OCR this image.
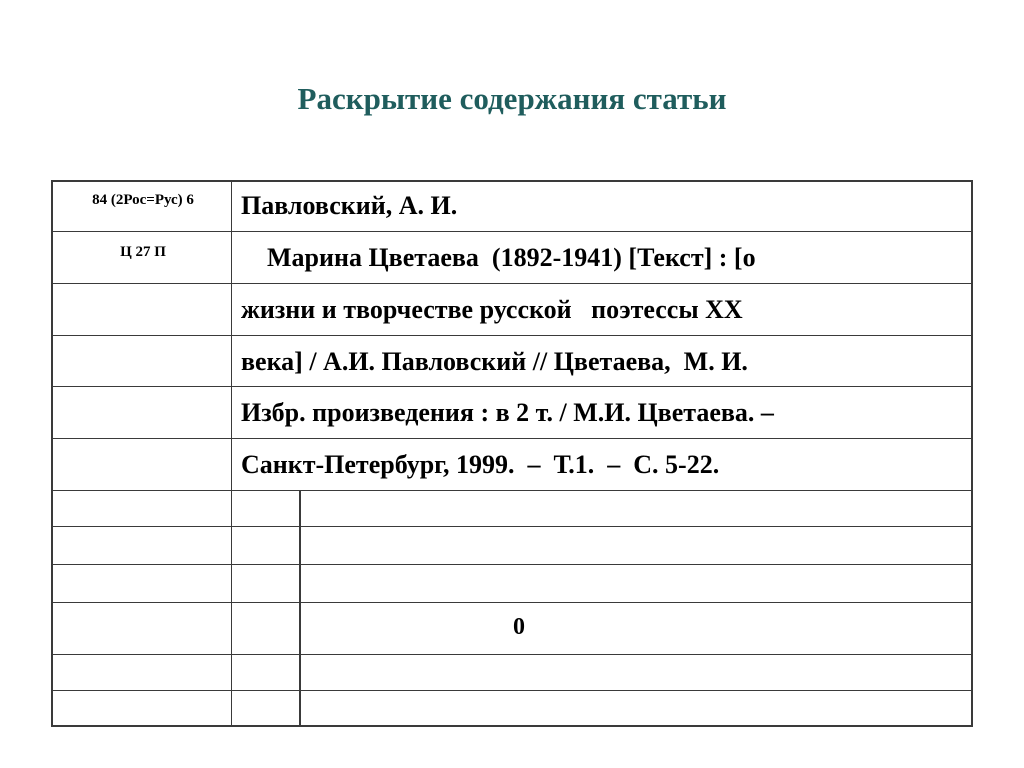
Раскрытие содержания статьи
84 (2Рос=Рус) 6
Ц 27 П
Павловский, А. И.
Марина Цветаева  (1892-1941) [Текст] : [о
жизни и творчестве русской   поэтессы XX
века] / А.И. Павловский // Цветаева,  М. И.
Избр. произведения : в 2 т. / М.И. Цветаева. –
Санкт-Петербург, 1999.  –  Т.1.  –  С. 5-22.
0
